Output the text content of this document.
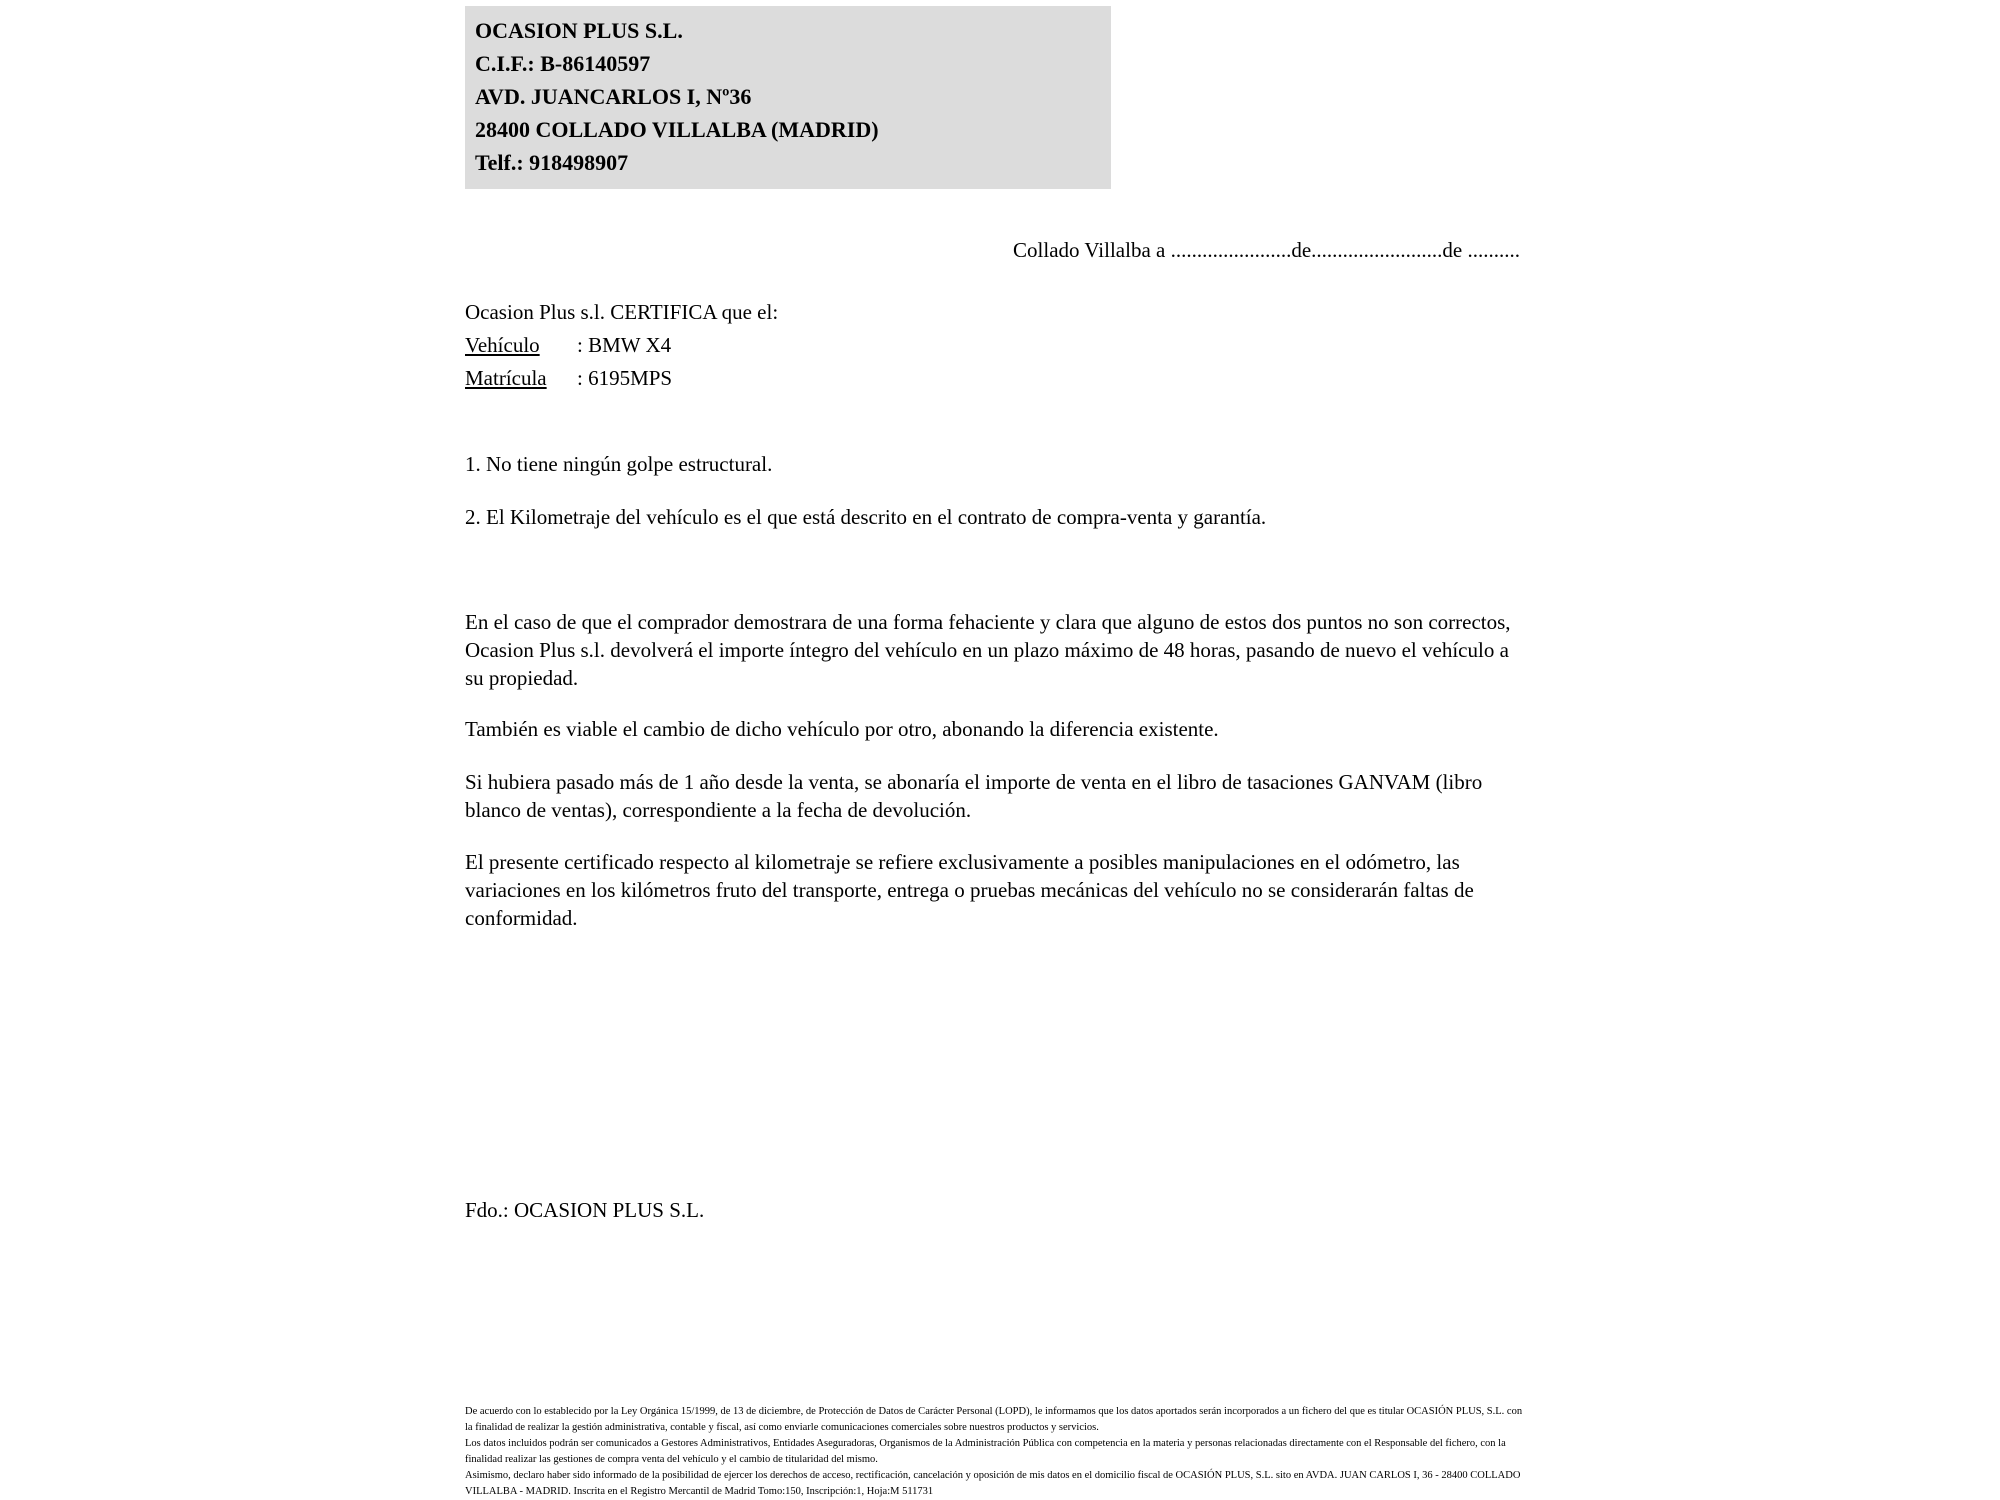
OCASION PLUS S.L.
C.I.F.: B-86140597
AVD. JUANCARLOS I, Nº36
28400 COLLADO VILLALBA (MADRID)
Telf.: 918498907
Collado Villalba a .......................de.........................de ..........
Ocasion Plus s.l. CERTIFICA que el:
Vehículo : BMW X4
Matrícula : 6195MPS
1. No tiene ningún golpe estructural.
2. El Kilometraje del vehículo es el que está descrito en el contrato de compra-venta y garantía.
En el caso de que el comprador demostrara de una forma fehaciente y clara que alguno de estos dos puntos no son correctos, Ocasion Plus s.l. devolverá el importe íntegro del vehículo en un plazo máximo de 48 horas, pasando de nuevo el vehículo a su propiedad.
También es viable el cambio de dicho vehículo por otro, abonando la diferencia existente.
Si hubiera pasado más de 1 año desde la venta, se abonaría el importe de venta en el libro de tasaciones GANVAM (libro blanco de ventas), correspondiente a la fecha de devolución.
El presente certificado respecto al kilometraje se refiere exclusivamente a posibles manipulaciones en el odómetro, las variaciones en los kilómetros fruto del transporte, entrega o pruebas mecánicas del vehículo no se considerarán faltas de conformidad.
Fdo.: OCASION PLUS S.L.

De acuerdo con lo establecido por la Ley Orgánica 15/1999, de 13 de diciembre, de Protección de Datos de Carácter Personal (LOPD), le informamos que los datos aportados serán incorporados a un fichero del que es titular OCASIÓN PLUS, S.L. con la finalidad de realizar la gestión administrativa, contable y fiscal, así como enviarle comunicaciones comerciales sobre nuestros productos y servicios.

Los datos incluidos podrán ser comunicados a Gestores Administrativos, Entidades Aseguradoras, Organismos de la Administración Pública con competencia en la materia y personas relacionadas directamente con el Responsable del fichero, con la finalidad realizar las gestiones de compra venta del vehículo y el cambio de titularidad del mismo.

Asimismo, declaro haber sido informado de la posibilidad de ejercer los derechos de acceso, rectificación, cancelación y oposición de mis datos en el domicilio fiscal de OCASIÓN PLUS, S.L. sito en AVDA. JUAN CARLOS I, 36 - 28400 COLLADO VILLALBA - MADRID. Inscrita en el Registro Mercantil de Madrid Tomo:150, Inscripción:1, Hoja:M 511731
